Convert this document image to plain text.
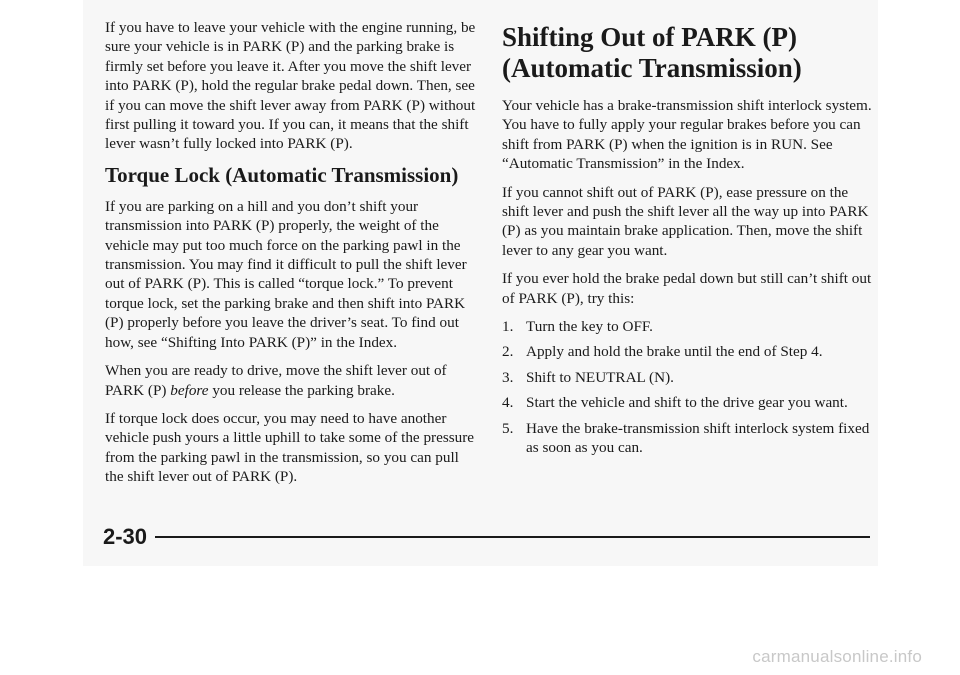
If you have to leave your vehicle with the engine running, be sure your vehicle is in PARK (P) and the parking brake is firmly set before you leave it. After you move the shift lever into PARK (P), hold the regular brake pedal down. Then, see if you can move the shift lever away from PARK (P) without first pulling it toward you. If you can, it means that the shift lever wasn’t fully locked into PARK (P).

Torque Lock (Automatic Transmission)

If you are parking on a hill and you don’t shift your transmission into PARK (P) properly, the weight of the vehicle may put too much force on the parking pawl in the transmission. You may find it difficult to pull the shift lever out of PARK (P). This is called “torque lock.” To prevent torque lock, set the parking brake and then shift into PARK (P) properly before you leave the driver’s seat. To find out how, see “Shifting Into PARK (P)” in the Index.

When you are ready to drive, move the shift lever out of PARK (P) before you release the parking brake.

If torque lock does occur, you may need to have another vehicle push yours a little uphill to take some of the pressure from the parking pawl in the transmission, so you can pull the shift lever out of PARK (P).

Shifting Out of PARK (P) (Automatic Transmission)

Your vehicle has a brake-transmission shift interlock system. You have to fully apply your regular brakes before you can shift from PARK (P) when the ignition is in RUN. See “Automatic Transmission” in the Index.

If you cannot shift out of PARK (P), ease pressure on the shift lever and push the shift lever all the way up into PARK (P) as you maintain brake application. Then, move the shift lever to any gear you want.

If you ever hold the brake pedal down but still can’t shift out of PARK (P), try this:

1. Turn the key to OFF.
2. Apply and hold the brake until the end of Step 4.
3. Shift to NEUTRAL (N).
4. Start the vehicle and shift to the drive gear you want.
5. Have the brake-transmission shift interlock system fixed as soon as you can.
2-30
carmanualsonline.info
